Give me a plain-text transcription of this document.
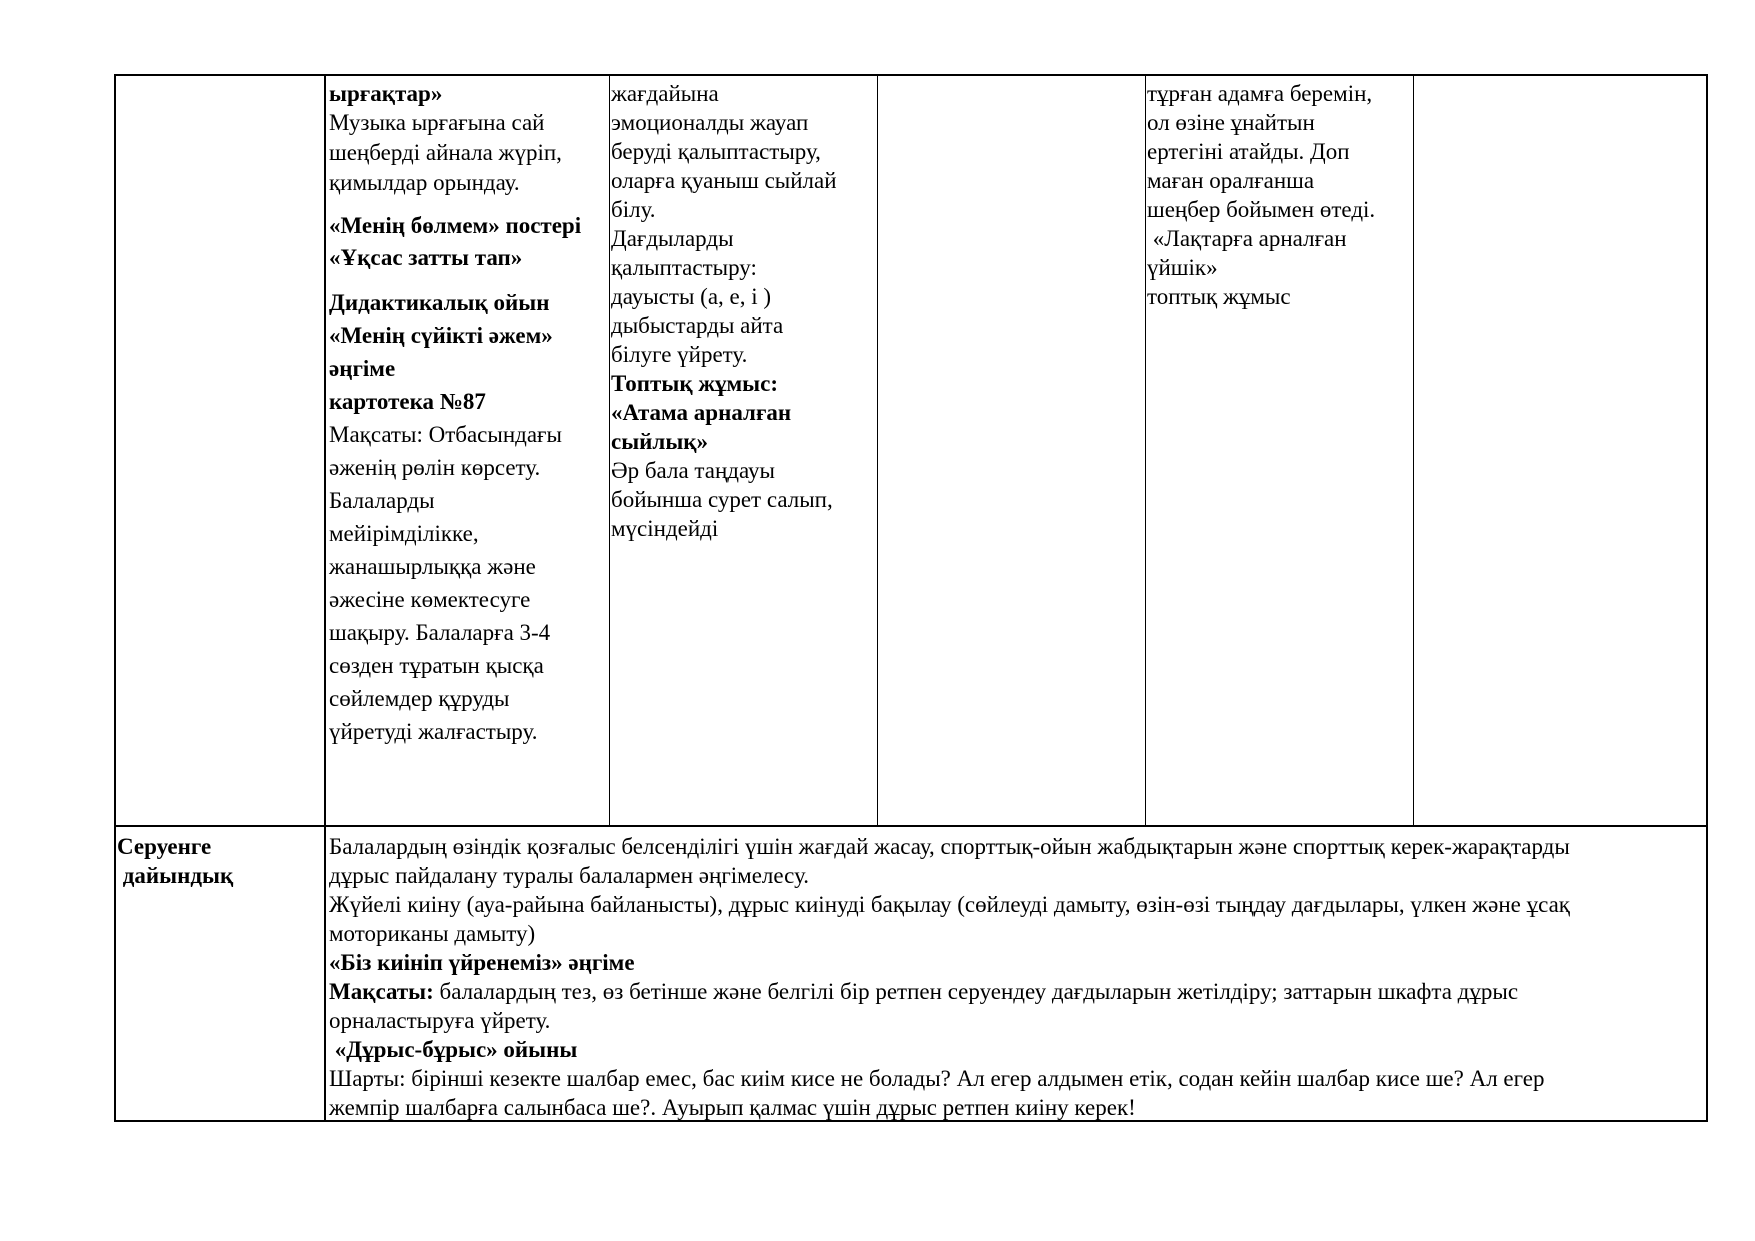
ырғақтар»
Музыка ырғағына сай
шеңберді айнала жүріп,
қимылдар орындау.
«Менің бөлмем» постері
«Ұқсас затты тап»
Дидактикалық ойын
«Менің сүйікті әжем»
әңгіме
картотека №87
Мақсаты: Отбасындағы
әженің рөлін көрсету.
Балаларды
мейірімділікке,
жанашырлыққа және
әжесіне көмектесуге
шақыру. Балаларға 3-4
сөзден тұратын қысқа
сөйлемдер құруды
үйретуді жалғастыру.
жағдайына
эмоционалды жауап
беруді қалыптастыру,
оларға қуаныш сыйлай
білу.
Дағдыларды
қалыптастыру:
дауысты (а, е, і )
дыбыстарды айта
білуге үйрету.
Топтық жұмыс:
«Атама арналған
сыйлық»
Әр бала таңдауы
бойынша сурет салып,
мүсіндейді
тұрған адамға беремін,
ол өзіне ұнайтын
ертегіні атайды. Доп
маған оралғанша
шеңбер бойымен өтеді.
«Лақтарға арналған
үйшік»
топтық жұмыс
Серуенге
дайындық
Балалардың өзіндік қозғалыс белсенділігі үшін жағдай жасау, спорттық-ойын жабдықтарын және спорттық керек-жарақтарды
дұрыс пайдалану туралы балалармен әңгімелесу.
Жүйелі киіну (ауа-райына байланысты), дұрыс киінуді бақылау (сөйлеуді дамыту, өзін-өзі тыңдау дағдылары, үлкен және ұсақ
моториканы дамыту)
«Біз киініп үйренеміз» әңгіме
Мақсаты: балалардың тез, өз бетінше және белгілі бір ретпен серуендеу дағдыларын жетілдіру; заттарын шкафта дұрыс
орналастыруға үйрету.
«Дұрыс-бұрыс» ойыны
Шарты: бірінші кезекте шалбар емес, бас киім кисе не болады? Ал егер алдымен етік, содан кейін шалбар кисе ше? Ал егер
жемпір шалбарға салынбаса ше?. Ауырып қалмас үшін дұрыс ретпен киіну керек!
